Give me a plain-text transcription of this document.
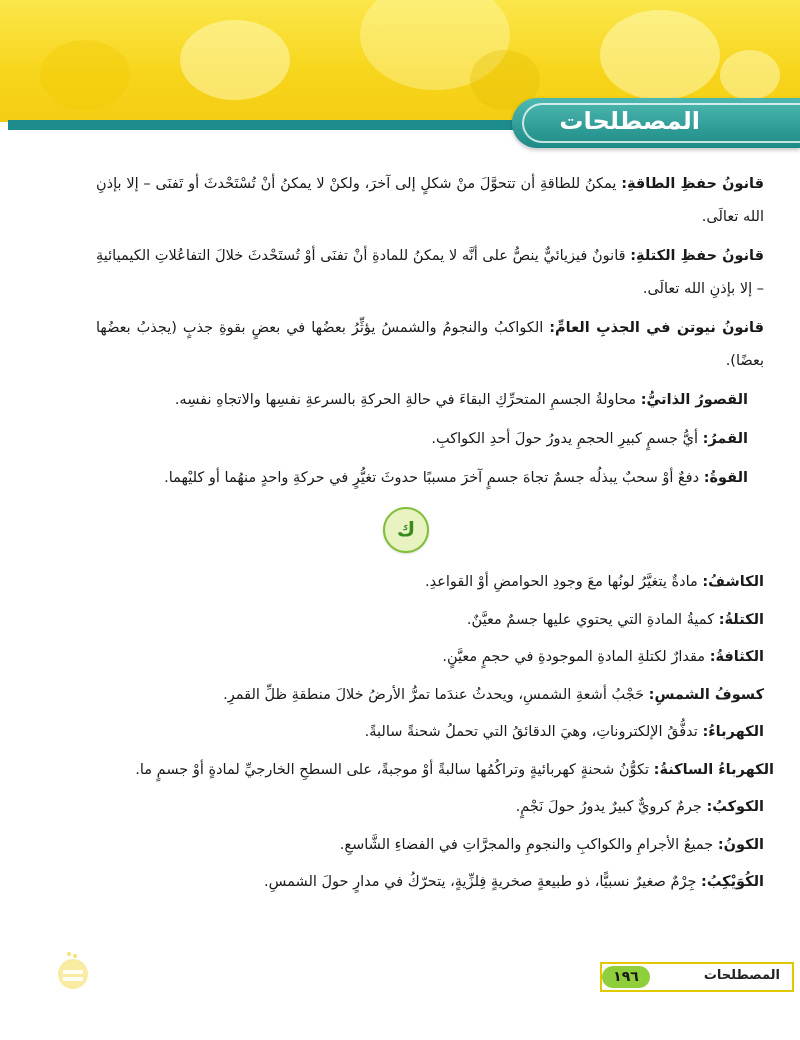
المصطلحات

قانونُ حفظِ الطاقةِ: يمكنُ للطاقةِ أن تتحوَّلَ منْ شكلٍ إلى آخرَ، ولكنْ لا يمكنُ أنْ تُسْتَحْدثَ أو تَفنَى – إلا بإذنِ الله تعالَى.

قانونُ حفظِ الكتلةِ: قانونٌ فيزيائيٌّ ينصُّ على أنَّه لا يمكنُ للمادةِ أنْ تفنَى أوْ تُستَحْدثَ خلالَ التفاعُلاتِ الكيميائيةِ – إلا بإذنِ الله تعالَى.

قانونُ نيوتن في الجذبِ العامِّ: الكواكبُ والنجومُ والشمسُ يؤثِّرُ بعضُها في بعضٍ بقوةِ جذبٍ (يجذبُ بعضُها بعضًا).

القصورُ الذاتيُّ: محاولةُ الجسمِ المتحرِّكِ البقاءَ في حالةِ الحركةِ بالسرعةِ نفسِها والاتجاهِ نفسِه.

القمرُ: أيُّ جسمٍ كبيرِ الحجمِ يدورُ حولَ أحدِ الكواكبِ.

القوةُ: دفعٌ أوْ سحبٌ يبذلُه جسمٌ تجاهَ جسمٍ آخرَ مسببًا حدوثَ تغيُّرٍ في حركةِ واحدٍ منهُما أو كليْهما.

ك

الكاشفُ: مادةٌ يتغيَّرُ لونُها معَ وجودِ الحوامضِ أوْ القواعدِ.

الكتلةُ: كميةُ المادةِ التي يحتوي عليها جسمٌ معيَّنٌ.

الكثافةُ: مقدارٌ لكتلةِ المادةِ الموجودةِ في حجمٍ معيَّنٍ.

كسوفُ الشمسِ: حَجْبُ أشعةِ الشمسِ، ويحدثُ عندَما تمرُّ الأرضُ خلالَ منطقةِ ظلِّ القمرِ.

الكهرباءُ: تدفُّقُ الإلكتروناتِ، وهيَ الدقائقُ التي تحملُ شحنةً سالبةً.

الكهرباءُ الساكنةُ: تكوُّنُ شحنةٍ كهربائيةٍ وتراكُمُها سالبةً أوْ موجبةً، على السطحِ الخارجيِّ لمادةٍ أوْ جسمٍ ما.

الكوكبُ: جرمٌ كرويٌّ كبيرٌ يدورُ حولَ نَجْمٍ.

الكونُ: جميعُ الأجرامِ والكواكبِ والنجومِ والمجرَّاتِ في الفضاءِ الشَّاسعِ.

الكُوَيْكِبُ: جِرْمٌ صغيرٌ نسبيًّا، ذو طبيعةٍ صخريةٍ فِلزِّيةٍ، يتحرّكُ في مدارٍ حولَ الشمسِ.

المصطلحات
١٩٦
